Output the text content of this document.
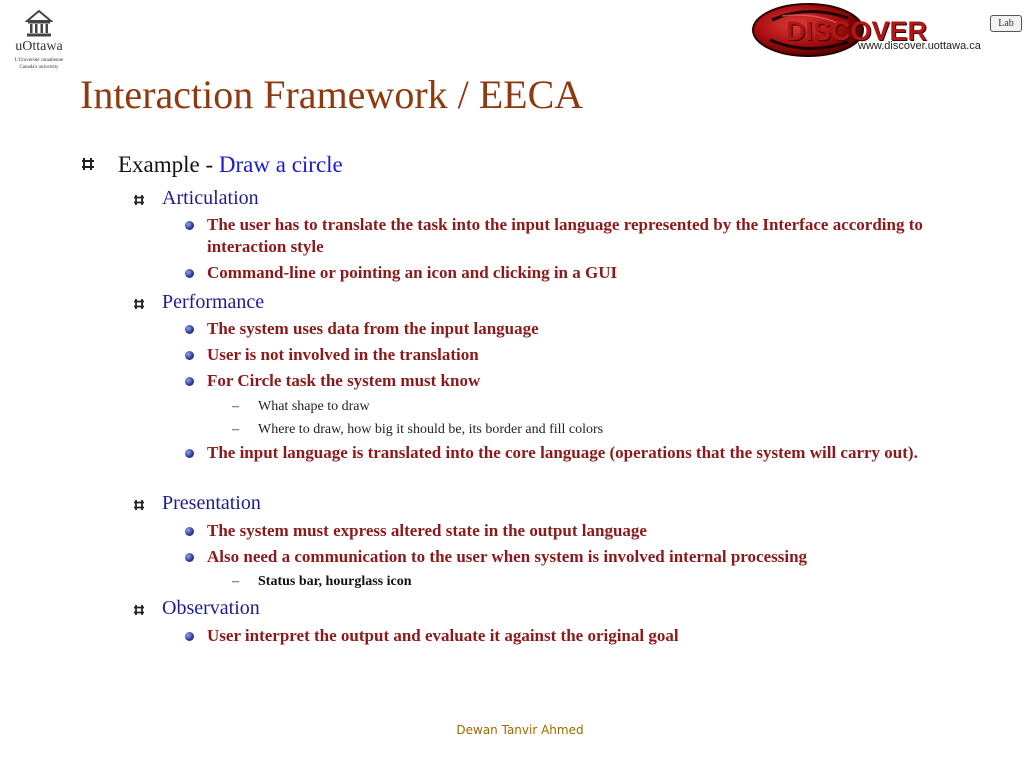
uOttawa
L'Université canadienne
Canada's university
DISCOVER	Lab
www.discover.uottawa.ca
Interaction Framework / EECA
Example - Draw a circle
Articulation
The user has to translate the task into the input language represented by the Interface according to interaction style
Command-line or pointing an icon and clicking in a GUI
Performance
The system uses data from the input language
User is not involved in the translation
For Circle task the system must know
– What shape to draw
– Where to draw, how big it should be, its border and fill colors
The input language is translated into the core language (operations that the system will carry out).
Presentation
The system must express altered state in the output language
Also need a communication to the user when system is involved internal processing
– Status bar, hourglass icon
Observation
User interpret the output and evaluate it against the original goal
Dewan Tanvir Ahmed
